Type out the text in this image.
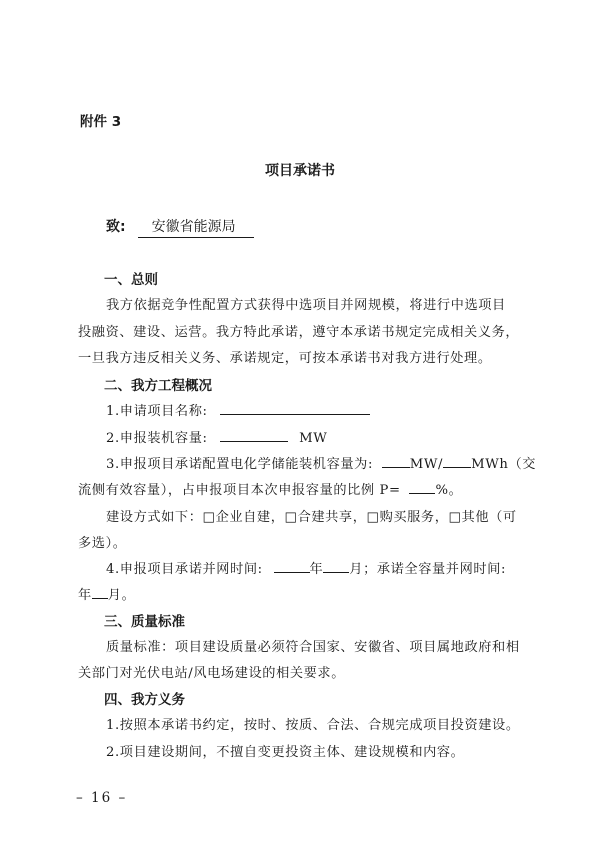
附件 3
项目承诺书
致: 安徽省能源局
一、总则
我方依据竞争性配置方式获得中选项目并网规模，将进行中选项目
投融资、建设、运营。我方特此承诺，遵守本承诺书规定完成相关义务，
一旦我方违反相关义务、承诺规定，可按本承诺书对我方进行处理。
二、我方工程概况
1.申请项目名称:
2.申报装机容量:	MW
3.申报项目承诺配置电化学储能装机容量为:	MW/ MWh（交
流侧有效容量），占申报项目本次申报容量的比例 P=	%。
建设方式如下：□企业自建，□合建共享，□购买服务，□其他（可
多选）。
4.申报项目承诺并网时间:	年 月；承诺全容量并网时间:
年 月。
三、质量标准
质量标准：项目建设质量必须符合国家、安徽省、项目属地政府和相
关部门对光伏电站/风电场建设的相关要求。
四、我方义务
1.按照本承诺书约定，按时、按质、合法、合规完成项目投资建设。
2.项目建设期间，不擅自变更投资主体、建设规模和内容。
– 16 –
